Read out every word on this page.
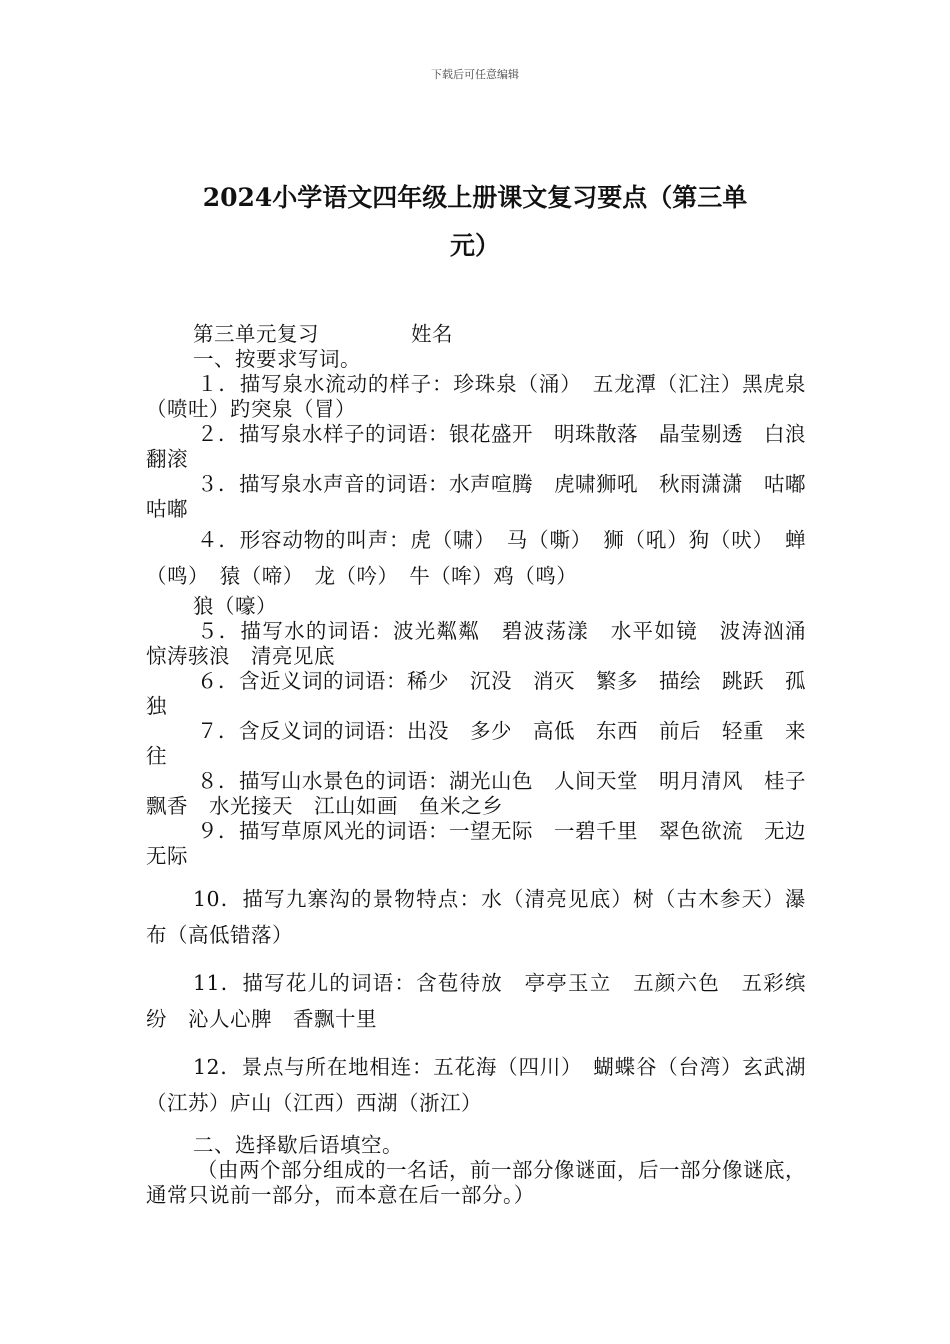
下载后可任意编辑
2024小学语文四年级上册课文复习要点（第三单
元）

第三单元复习	姓名

一、按要求写词。

１．描写泉水流动的样子：珍珠泉（涌）　五龙潭（汇注）黑虎泉（喷吐）趵突泉（冒）

２．描写泉水样子的词语：银花盛开　明珠散落　晶莹剔透　白浪翻滚

３．描写泉水声音的词语：水声喧腾　虎啸狮吼　秋雨潇潇　咕嘟咕嘟

４．形容动物的叫声：虎（啸）　马（嘶）　狮（吼）狗（吠）　蝉（鸣）　猿（啼）　龙（吟）　牛（哞）鸡（鸣）

狼（嚎）

５．描写水的词语：波光粼粼　碧波荡漾　水平如镜　波涛汹涌　惊涛骇浪　清亮见底

６．含近义词的词语：稀少　沉没　消灭　繁多　描绘　跳跃　孤独

７．含反义词的词语：出没　多少　高低　东西　前后　轻重　来往

８．描写山水景色的词语：湖光山色　人间天堂　明月清风　桂子飘香　水光接天　江山如画　鱼米之乡

９．描写草原风光的词语：一望无际　一碧千里　翠色欲流　无边无际

10．描写九寨沟的景物特点：水（清亮见底）树（古木参天）瀑布（高低错落）

11．描写花儿的词语：含苞待放　亭亭玉立　五颜六色　五彩缤纷　沁人心脾　香飘十里

12．景点与所在地相连：五花海（四川）　蝴蝶谷（台湾）玄武湖（江苏）庐山（江西）西湖（浙江）

二、选择歇后语填空。

（由两个部分组成的一名话，前一部分像谜面，后一部分像谜底，通常只说前一部分，而本意在后一部分。）
